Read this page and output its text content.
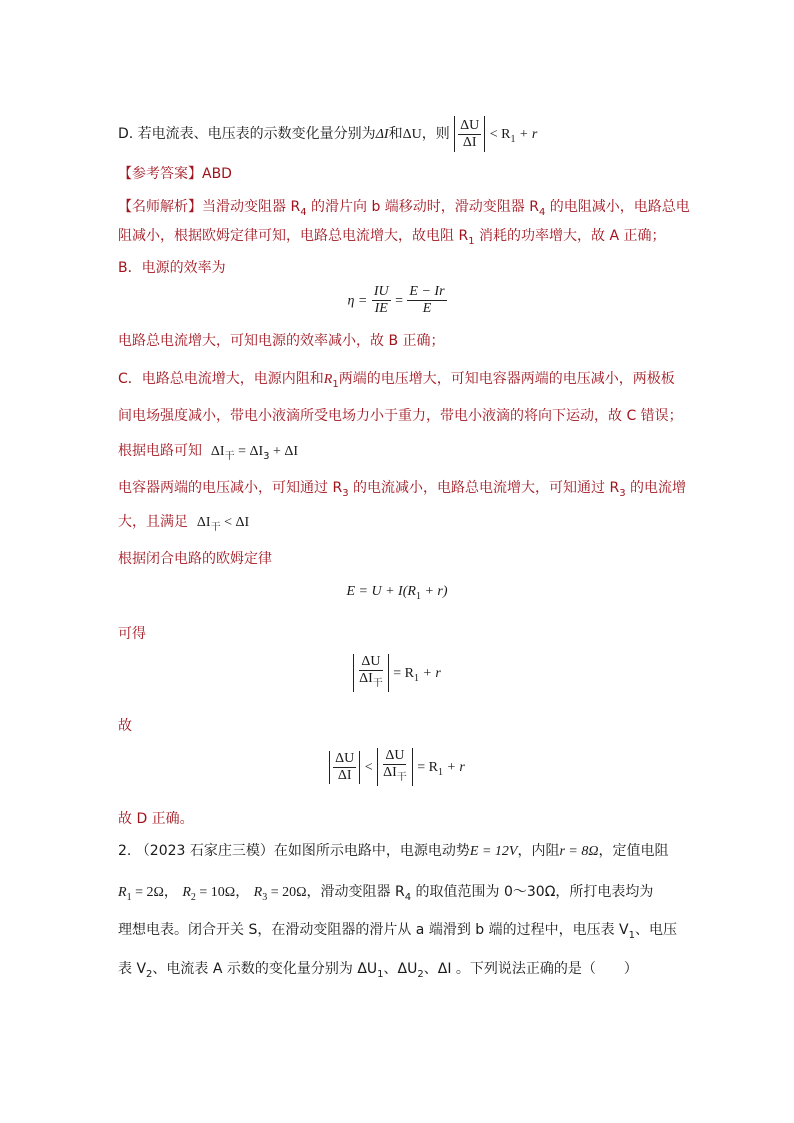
D. 若电流表、电压表的示数变化量分别为ΔI和ΔU，则 $\frac{\Delta U}{\Delta I} < R_1 + r$
【参考答案】ABD
【名师解析】当滑动变阻器 $R_4$ 的滑片向 b 端移动时，滑动变阻器 $R_4$ 的电阻减小，电路总电
阻减小，根据欧姆定律可知，电路总电流增大，故电阻 $R_1$ 消耗的功率增大，故 A 正确；
B．电源的效率为
$\eta = \frac{IU}{IE} = \frac{E - Ir}{E}$
电路总电流增大，可知电源的效率减小，故 B 正确；
C．电路总电流增大，电源内阻和$R_1$两端的电压增大，可知电容器两端的电压减小，两极板
间电场强度减小，带电小液滴所受电场力小于重力，带电小液滴的将向下运动，故 C 错误；
根据电路可知 $\Delta I_干 = \Delta I_3 + \Delta I$
电容器两端的电压减小，可知通过 $R_3$ 的电流减小，电路总电流增大，可知通过 $R_3$ 的电流增
大，且满足 $\Delta I_干 < \Delta I$
根据闭合电路的欧姆定律
$E = U + I(R_1 + r)$
可得
$\frac{\Delta U}{\Delta I_干} = R_1 + r$
故
$\frac{\Delta U}{\Delta I} < \frac{\Delta U}{\Delta I_干} = R_1 + r$
故 D 正确。
2. （2023 石家庄三模）在如图所示电路中，电源电动势E = 12V，内阻r = 8Ω，定值电阻
$R_1 = 2\Omega$， $R_2 = 10\Omega$， $R_3 = 20\Omega$，滑动变阻器 $R_4$ 的取值范围为 0～30Ω，所打电表均为
理想电表。闭合开关 S，在滑动变阻器的滑片从 a 端滑到 b 端的过程中，电压表 $V_1$、电压
表 $V_2$、电流表 A 示数的变化量分别为 $\Delta U_1$、$\Delta U_2$、ΔI 。下列说法正确的是（　　）
